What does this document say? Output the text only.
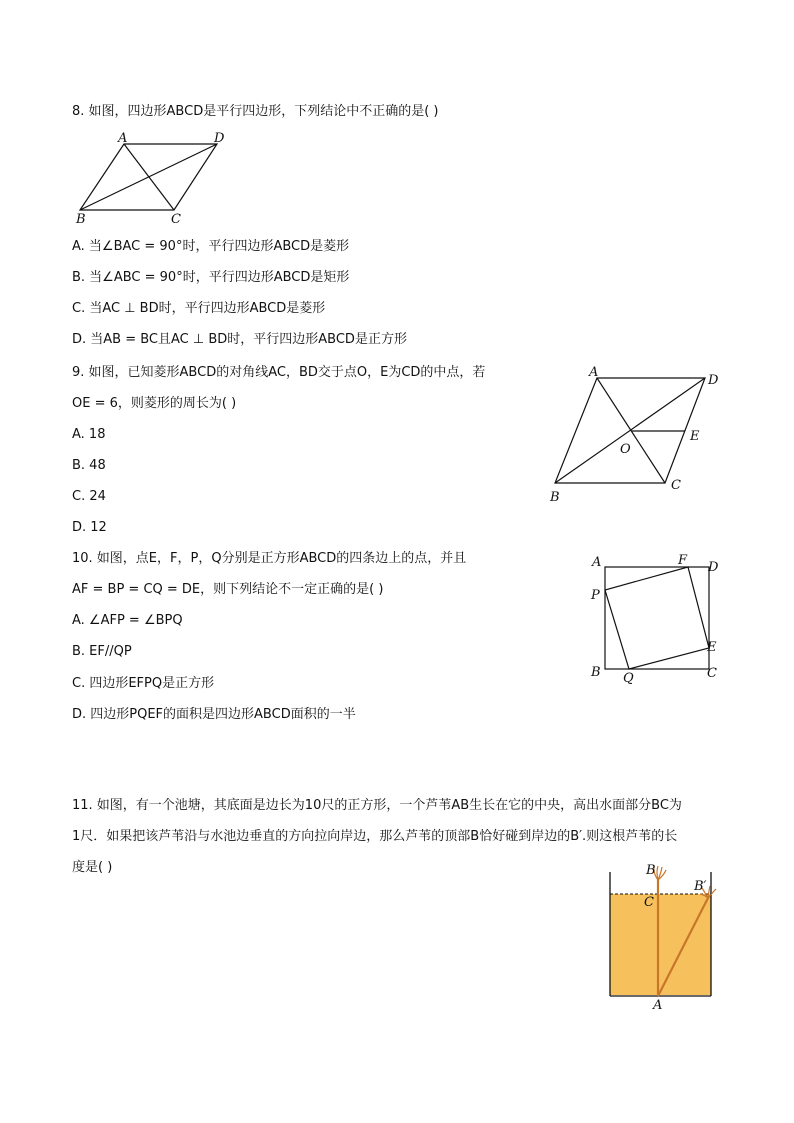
8. 如图，四边形ABCD是平行四边形，下列结论中不正确的是( )
A	D
B	C
A. 当∠BAC = 90°时，平行四边形ABCD是菱形
B. 当∠ABC = 90°时，平行四边形ABCD是矩形
C. 当AC ⊥ BD时，平行四边形ABCD是菱形
D. 当AB = BC且AC ⊥ BD时，平行四边形ABCD是正方形
9. 如图，已知菱形ABCD的对角线AC，BD交于点O，E为CD的中点，若
OE = 6，则菱形的周长为( )
A. 18
B. 48
C. 24
D. 12
A
D
B
C
O
E
10. 如图，点E，F，P，Q分别是正方形ABCD的四条边上的点，并且
AF = BP = CQ = DE，则下列结论不一定正确的是( )
A. ∠AFP = ∠BPQ
B. EF//QP
C. 四边形EFPQ是正方形
D. 四边形PQEF的面积是四边形ABCD面积的一半
A	F D
P
E
B Q	C
11. 如图，有一个池塘，其底面是边长为10尺的正方形，一个芦苇AB生长在它的中央，高出水面部分BC为
1尺．如果把该芦苇沿与水池边垂直的方向拉向岸边，那么芦苇的顶部B恰好碰到岸边的B′.则这根芦苇的长
度是( )	B
B′
C
A
